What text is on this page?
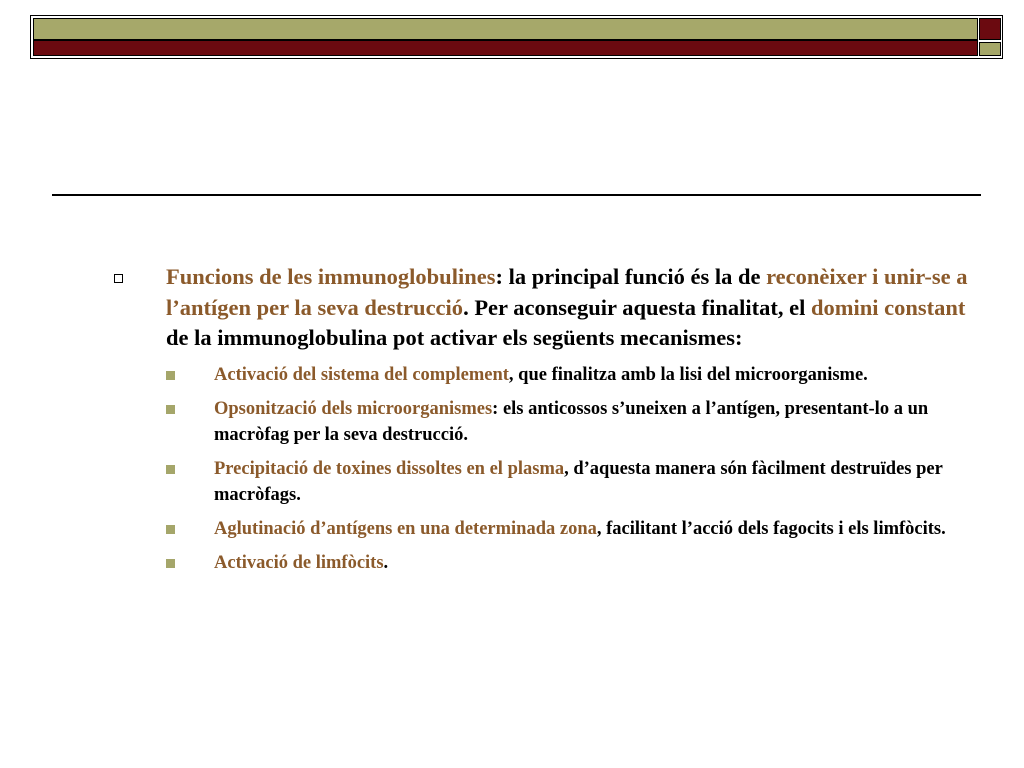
Funcions de les immunoglobulines: la principal funció és la de reconèixer i unir-se a l’antígen per la seva destrucció. Per aconseguir aquesta finalitat, el domini constant de la immunoglobulina pot activar els següents mecanismes:
Activació del sistema del complement, que finalitza amb la lisi del microorganisme.
Opsonització dels microorganismes: els anticossos s’uneixen a l’antígen, presentant-lo a un macròfag per la seva destrucció.
Precipitació de toxines dissoltes en el plasma, d’aquesta manera són fàcilment destruïdes per macròfags.
Aglutinació d’antígens en una determinada zona, facilitant l’acció dels fagocits i els limfòcits.
Activació de limfòcits.
